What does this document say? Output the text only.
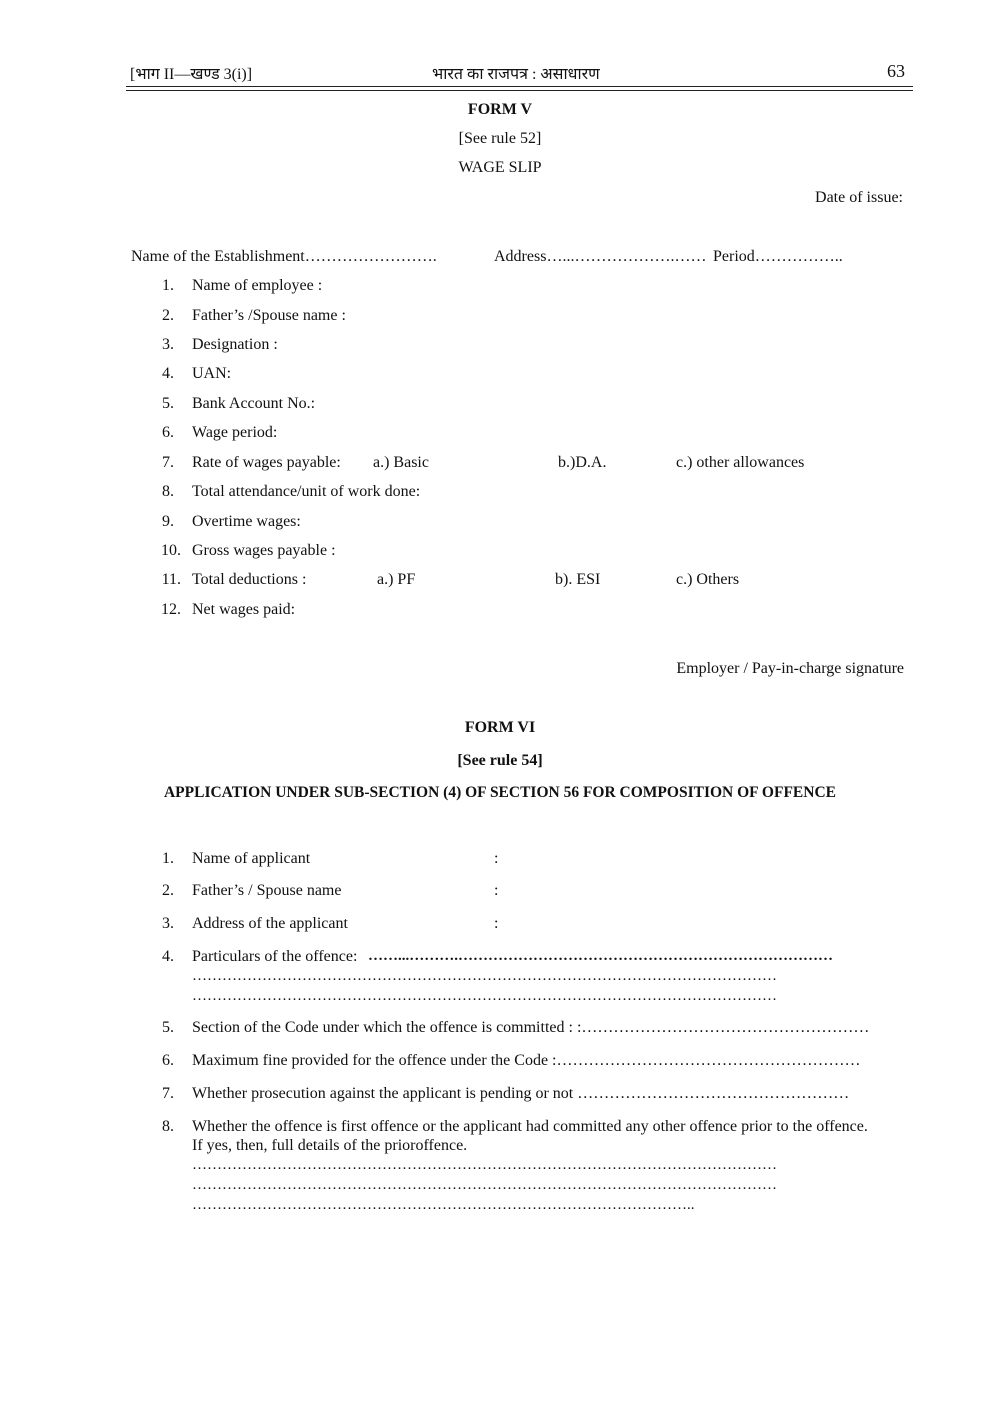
[भाग II—खण्ड 3(i)]	भारत का राजपत्र : असाधारण	63
FORM V
[See rule 52]
WAGE SLIP
Date of issue:
Name of the Establishment…………………….	Address…...……………….…… Period……………..
1. Name of employee :
2. Father’s /Spouse name :
3. Designation :
4. UAN:
5. Bank Account No.:
6. Wage period:
7. Rate of wages payable: a.) Basic	b.)D.A.	c.) other allowances
8. Total attendance/unit of work done:
9. Overtime wages:
10. Gross wages payable :
11. Total deductions :	a.) PF	b). ESI	c.) Others
12. Net wages paid:
Employer / Pay-in-charge signature
FORM VI
[See rule 54]
APPLICATION UNDER SUB-SECTION (4) OF SECTION 56 FOR COMPOSITION OF OFFENCE
1. Name of applicant	:
2. Father’s / Spouse name	:
3. Address of the applicant	:
4. Particulars of the offence: ……...……….…………………………………………………………………
………………………………………………………………………………………………………
………………………………………………………………………………………………………
5. Section of the Code under which the offence is committed : :………………………………………………
6. Maximum fine provided for the offence under the Code :…………………………………………………
7. Whether prosecution against the applicant is pending or not ……………………………………………
8. Whether the offence is first offence or the applicant had committed any other offence prior to the offence.
If yes, then, full details of the prioroffence.
………………………………………………………………………………………………………
………………………………………………………………………………………………………
………………………………………………………………………………………..
